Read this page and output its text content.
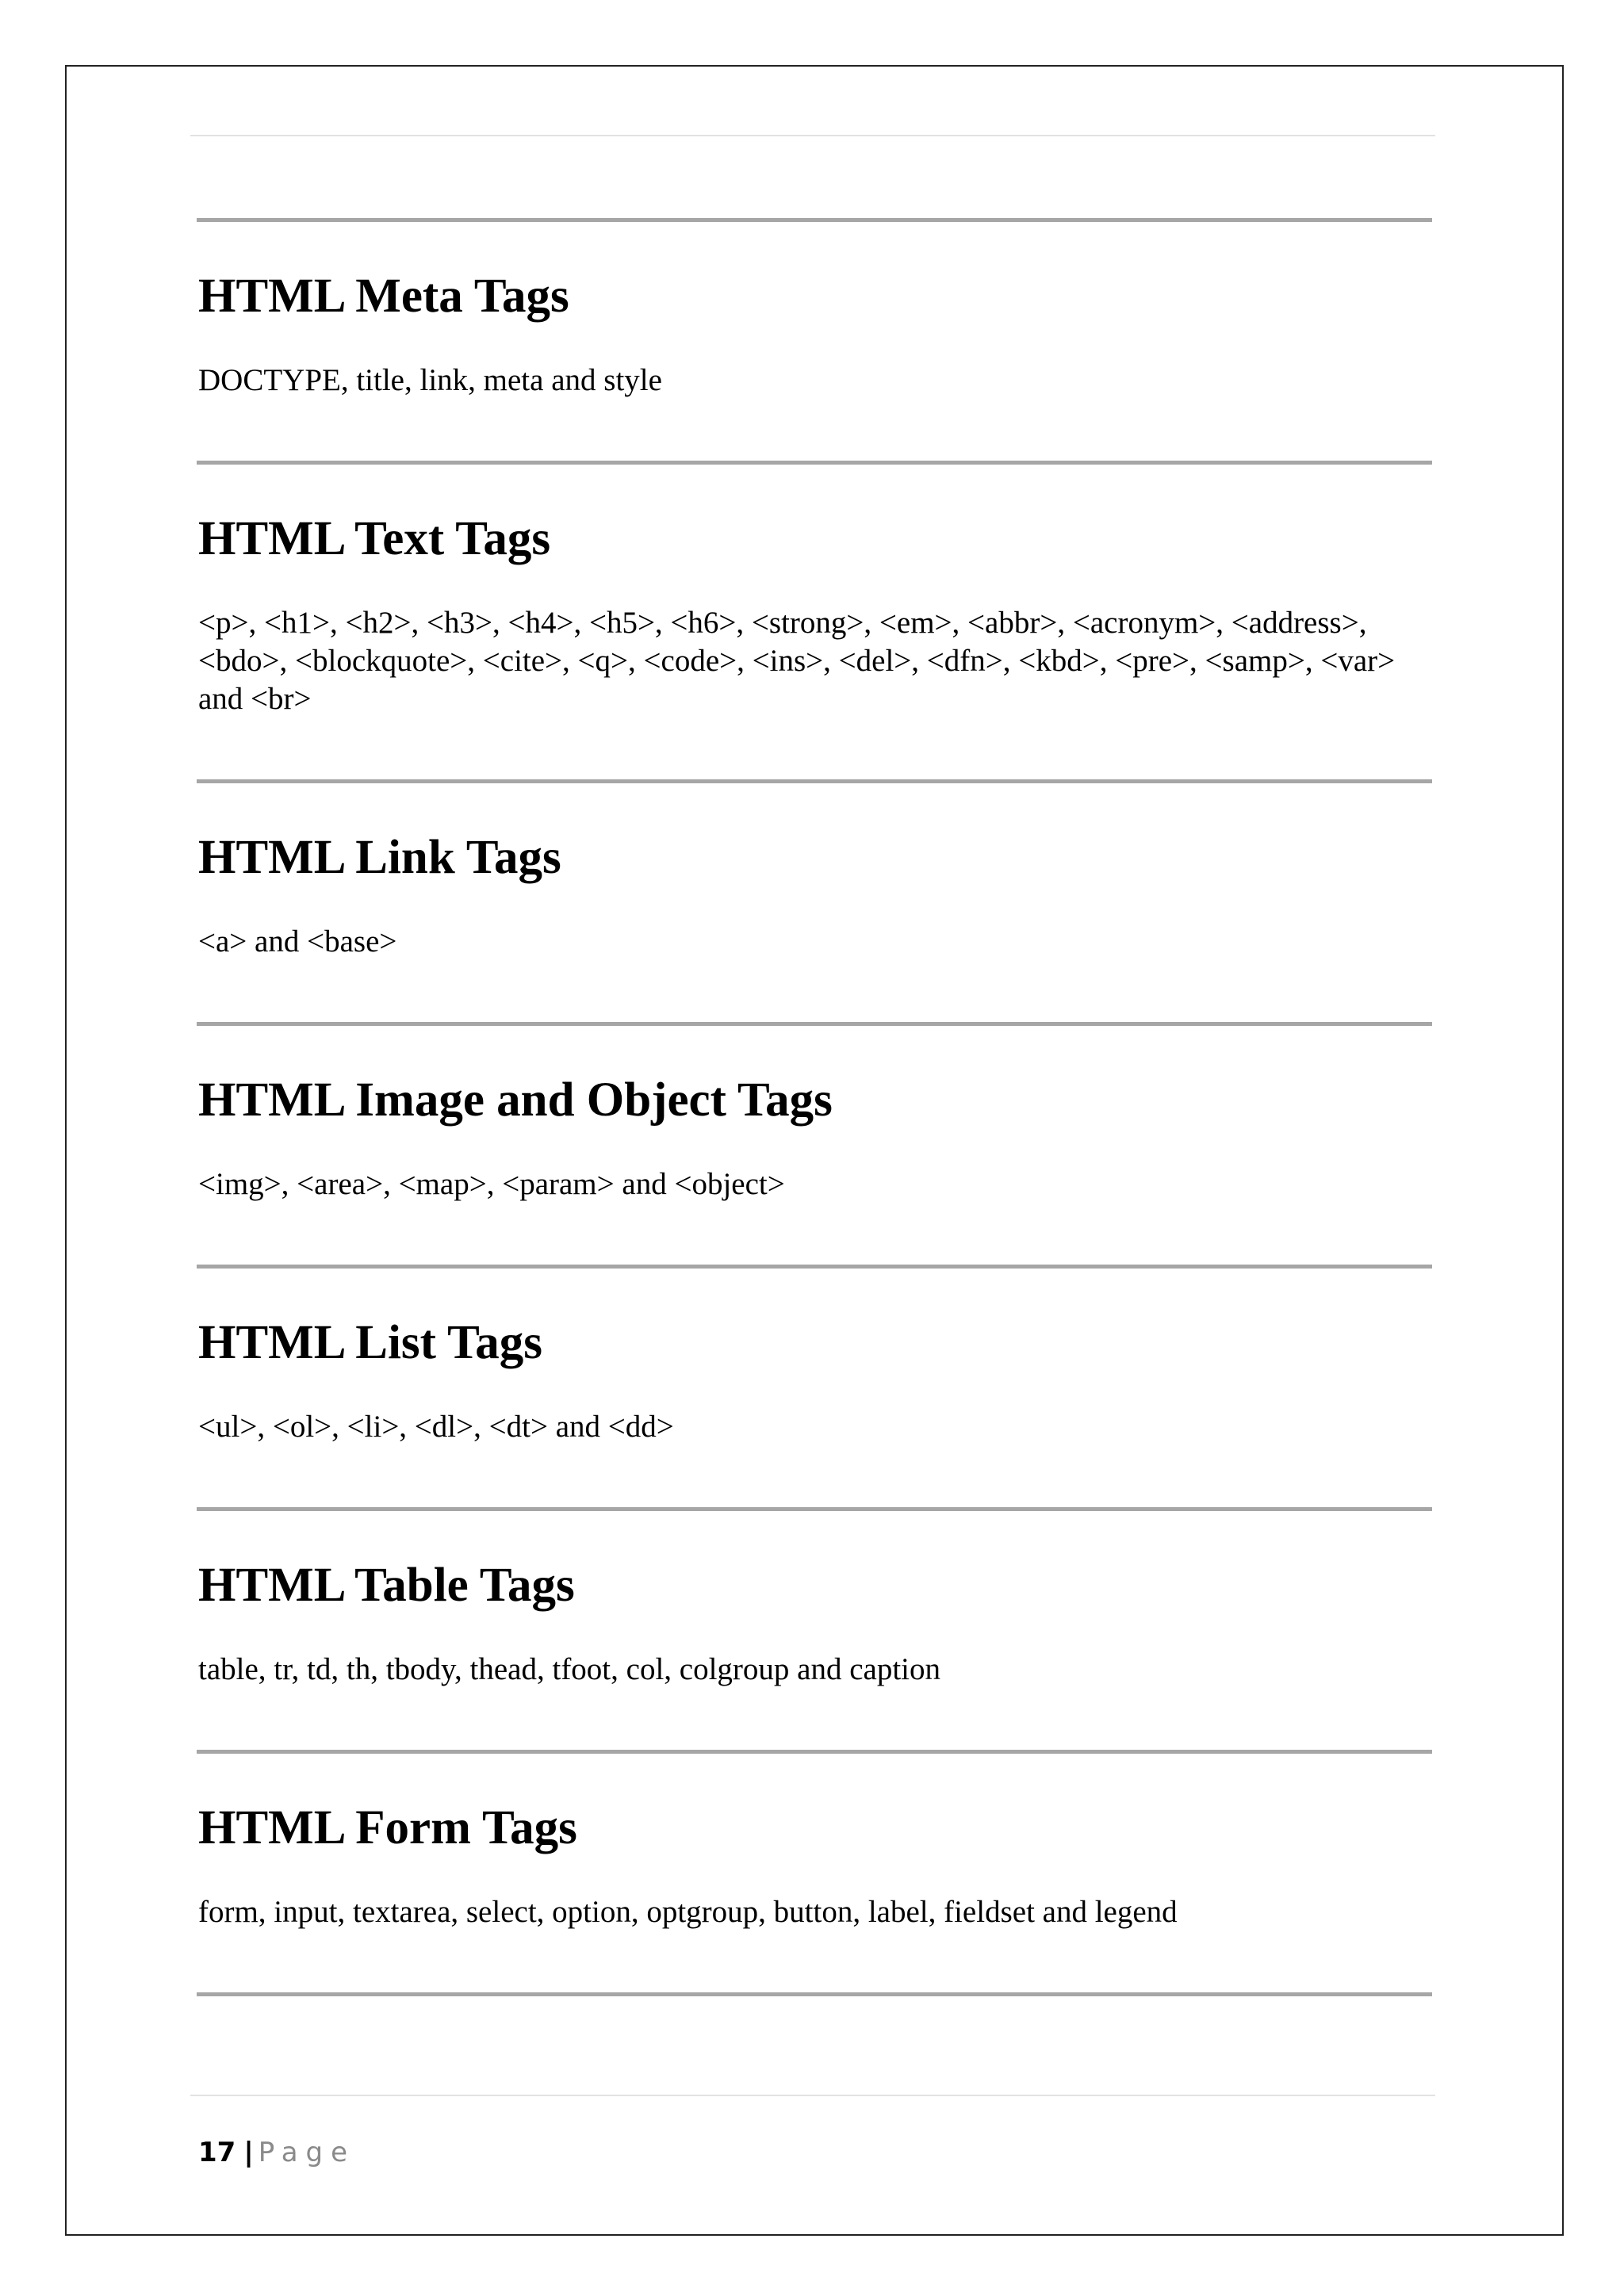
HTML Meta Tags

DOCTYPE, title, link, meta and style

HTML Text Tags

<p>, <h1>, <h2>, <h3>, <h4>, <h5>, <h6>, <strong>, <em>, <abbr>, <acronym>, <address>, <bdo>, <blockquote>, <cite>, <q>, <code>, <ins>, <del>, <dfn>, <kbd>, <pre>, <samp>, <var> and <br>

HTML Link Tags

<a> and <base>

HTML Image and Object Tags

<img>, <area>, <map>, <param> and <object>

HTML List Tags

<ul>, <ol>, <li>, <dl>, <dt> and <dd>

HTML Table Tags

table, tr, td, th, tbody, thead, tfoot, col, colgroup and caption

HTML Form Tags

form, input, textarea, select, option, optgroup, button, label, fieldset and legend

17 | Page
